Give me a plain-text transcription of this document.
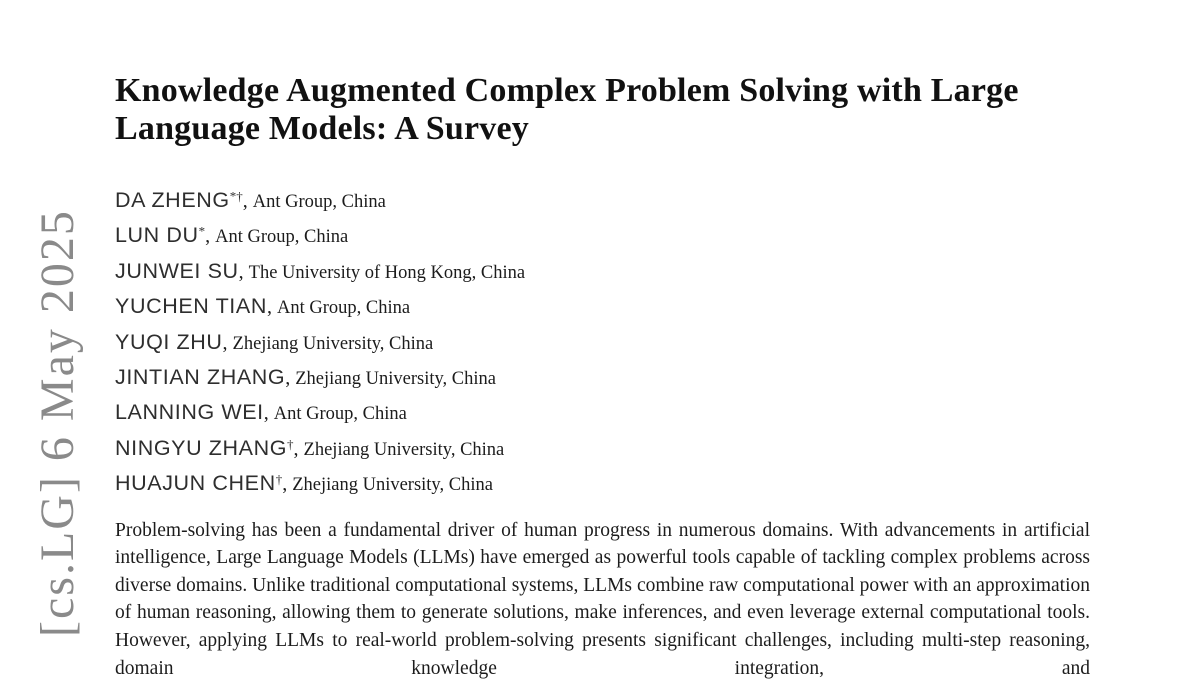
[cs.LG] 6 May 2025
Knowledge Augmented Complex Problem Solving with Large
Language Models: A Survey
DA ZHENG*†, Ant Group, China
LUN DU*, Ant Group, China
JUNWEI SU, The University of Hong Kong, China
YUCHEN TIAN, Ant Group, China
YUQI ZHU, Zhejiang University, China
JINTIAN ZHANG, Zhejiang University, China
LANNING WEI, Ant Group, China
NINGYU ZHANG†, Zhejiang University, China
HUAJUN CHEN†, Zhejiang University, China

Problem-solving has been a fundamental driver of human progress in numerous domains. With advancements in artificial intelligence, Large Language Models (LLMs) have emerged as powerful tools capable of tackling complex problems across diverse domains. Unlike traditional computational systems, LLMs combine raw computational power with an approximation of human reasoning, allowing them to generate solutions, make inferences, and even leverage external computational tools. However, applying LLMs to real-world problem-solving presents significant challenges, including multi-step reasoning, domain knowledge integration, and
